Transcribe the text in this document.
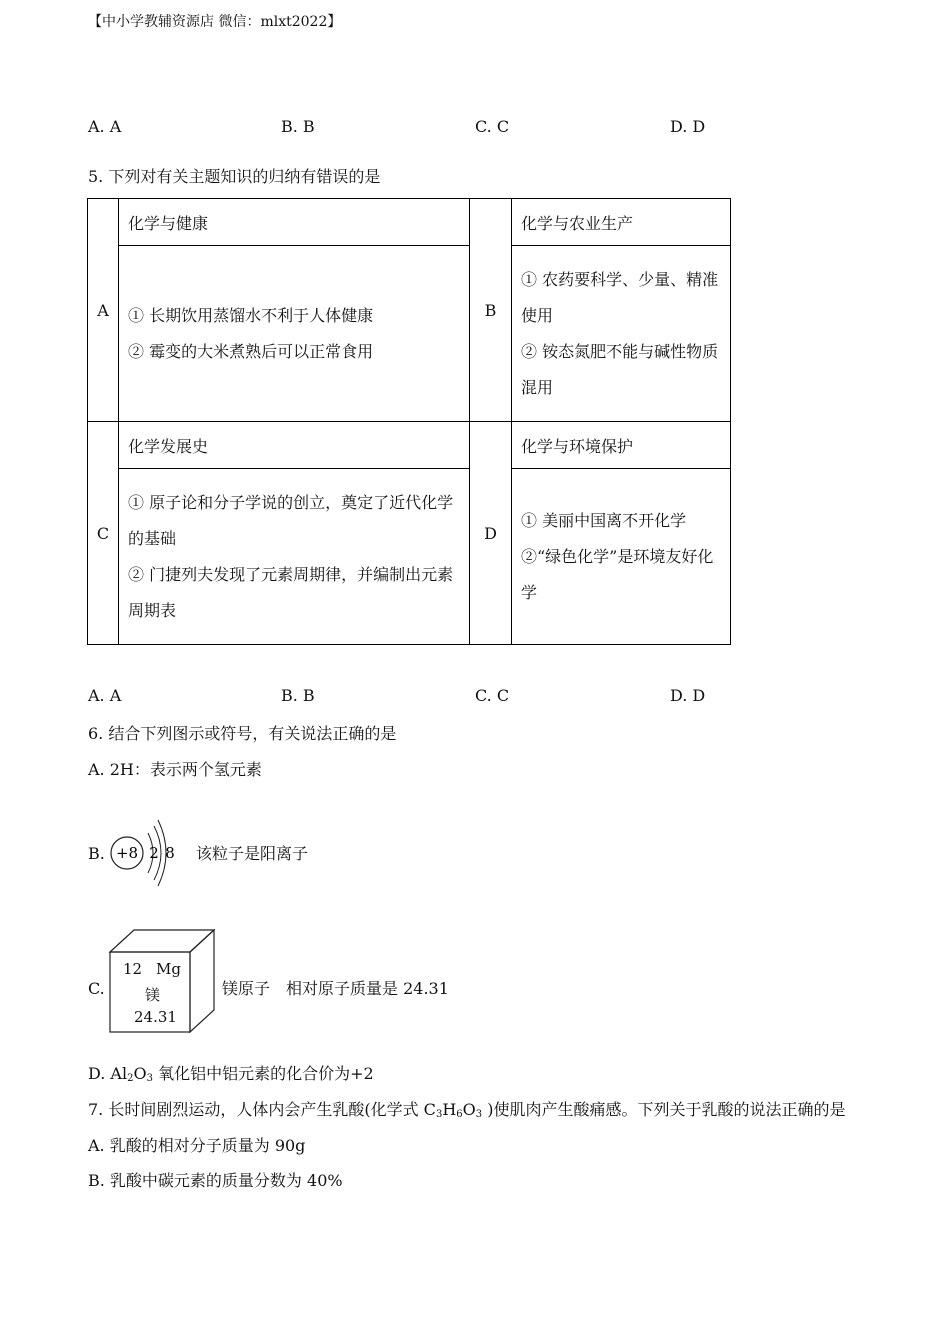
【中小学教辅资源店 微信：mlxt2022】
A. A	B. B	C. C	D. D
5. 下列对有关主题知识的归纳有错误的是
A	化学与健康	B	化学与农业生产

	① 长期饮用蒸馏水不利于人体健康
② 霉变的大米煮熟后可以正常食用		① 农药要科学、少量、精准使用
② 铵态氮肥不能与碱性物质混用

C	化学发展史	D	化学与环境保护

	① 原子论和分子学说的创立，奠定了近代化学的基础
② 门捷列夫发现了元素周期律，并编制出元素周期表		① 美丽中国离不开化学
②“绿色化学”是环境友好化学
A. A	B. B	C. C	D. D
6. 结合下列图示或符号，有关说法正确的是
A. 2H：表示两个氢元素
B. +8 2 8 该粒子是阳离子
C.
12 Mg
镁
24.31
镁原子　相对原子质量是 24.31
D. $Al_2O_3$ 氧化铝中铝元素的化合价为+2
7. 长时间剧烈运动，人体内会产生乳酸(化学式 $C_3H_6O_3$ )使肌肉产生酸痛感。下列关于乳酸的说法正确的是
A. 乳酸的相对分子质量为 90g
B. 乳酸中碳元素的质量分数为 40%
